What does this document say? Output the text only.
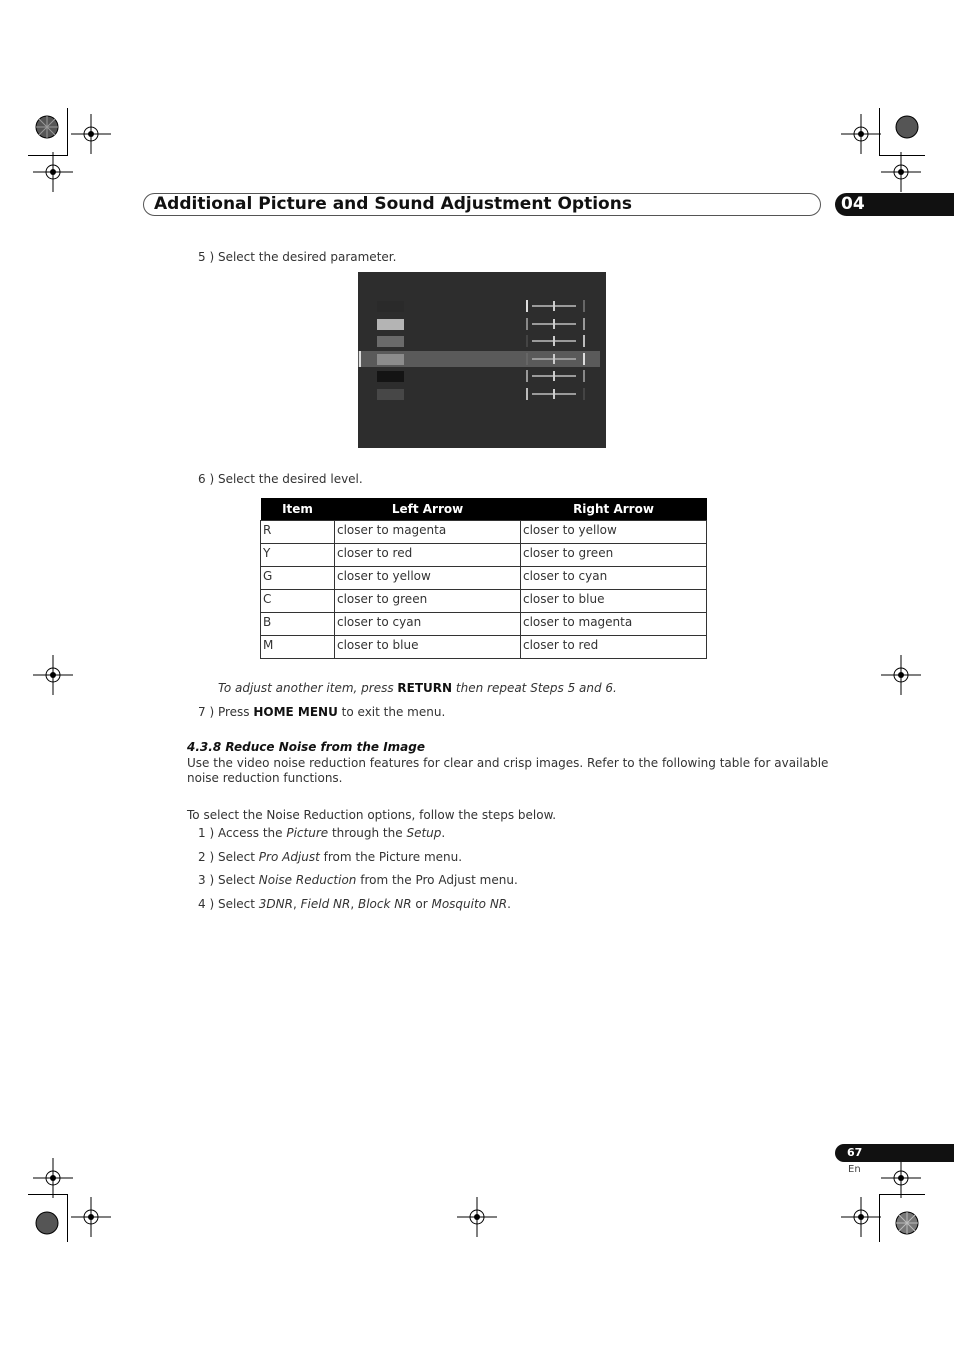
Additional Picture and Sound Adjustment Options	04
5 ) Select the desired parameter.
6 ) Select the desired level.
Item	Left Arrow	Right Arrow
R	closer to magenta	closer to yellow
Y	closer to red	closer to green
G	closer to yellow	closer to cyan
C	closer to green	closer to blue
B	closer to cyan	closer to magenta
M	closer to blue	closer to red
To adjust another item, press RETURN then repeat Steps 5 and 6.
7 ) Press HOME MENU to exit the menu.
4.3.8 Reduce Noise from the Image
Use the video noise reduction features for clear and crisp images. Refer to the following table for available noise reduction functions.
To select the Noise Reduction options, follow the steps below.
1 ) Access the Picture through the Setup.
2 ) Select Pro Adjust from the Picture menu.
3 ) Select Noise Reduction from the Pro Adjust menu.
4 ) Select 3DNR, Field NR, Block NR or Mosquito NR.
67
En
